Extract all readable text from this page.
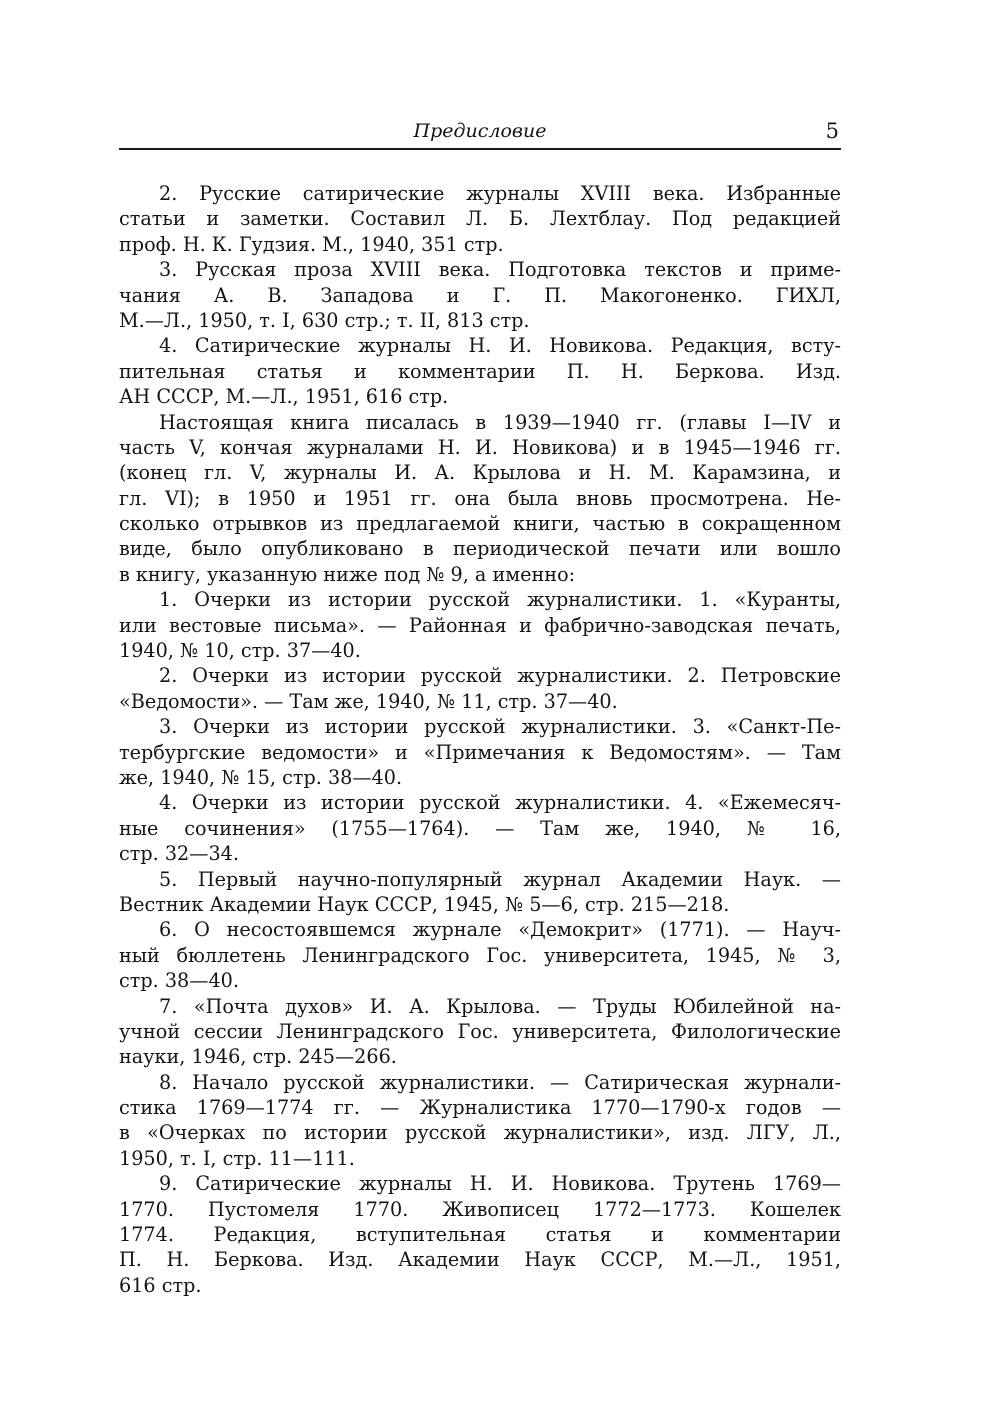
Предисловие	5
2. Русские сатирические журналы XVIII века. Избранные
статьи и заметки. Составил Л. Б. Лехтблау. Под редакцией
проф. Н. К. Гудзия. М., 1940, 351 стр.
3. Русская проза XVIII века. Подготовка текстов и приме-
чания А. В. Западова и Г. П. Макогоненко. ГИХЛ,
М.—Л., 1950, т. I, 630 стр.; т. II, 813 стр.
4. Сатирические журналы Н. И. Новикова. Редакция, всту-
пительная статья и комментарии П. Н. Беркова. Изд.
АН СССР, М.—Л., 1951, 616 стр.
Настоящая книга писалась в 1939—1940 гг. (главы I—IV и
часть V, кончая журналами Н. И. Новикова) и в 1945—1946 гг.
(конец гл. V, журналы И. А. Крылова и Н. М. Карамзина, и
гл. VI); в 1950 и 1951 гг. она была вновь просмотрена. Не-
сколько отрывков из предлагаемой книги, частью в сокращенном
виде, было опубликовано в периодической печати или вошло
в книгу, указанную ниже под № 9, а именно:
1. Очерки из истории русской журналистики. 1. «Куранты,
или вестовые письма». — Районная и фабрично-заводская печать,
1940, № 10, стр. 37—40.
2. Очерки из истории русской журналистики. 2. Петровские
«Ведомости». — Там же, 1940, № 11, стр. 37—40.
3. Очерки из истории русской журналистики. 3. «Санкт-Пе-
тербургские ведомости» и «Примечания к Ведомостям». — Там
же, 1940, № 15, стр. 38—40.
4. Очерки из истории русской журналистики. 4. «Ежемесяч-
ные сочинения» (1755—1764). — Там же, 1940, № 16,
стр. 32—34.
5. Первый научно-популярный журнал Академии Наук. —
Вестник Академии Наук СССР, 1945, № 5—6, стр. 215—218.
6. О несостоявшемся журнале «Демокрит» (1771). — Науч-
ный бюллетень Ленинградского Гос. университета, 1945, № 3,
стр. 38—40.
7. «Почта духов» И. А. Крылова. — Труды Юбилейной на-
учной сессии Ленинградского Гос. университета, Филологические
науки, 1946, стр. 245—266.
8. Начало русской журналистики. — Сатирическая журнали-
стика 1769—1774 гг. — Журналистика 1770—1790-х годов —
в «Очерках по истории русской журналистики», изд. ЛГУ, Л.,
1950, т. I, стр. 11—111.
9. Сатирические журналы Н. И. Новикова. Трутень 1769—
1770. Пустомеля 1770. Живописец 1772—1773. Кошелек
1774. Редакция, вступительная статья и комментарии
П. Н. Беркова. Изд. Академии Наук СССР, М.—Л., 1951,
616 стр.
